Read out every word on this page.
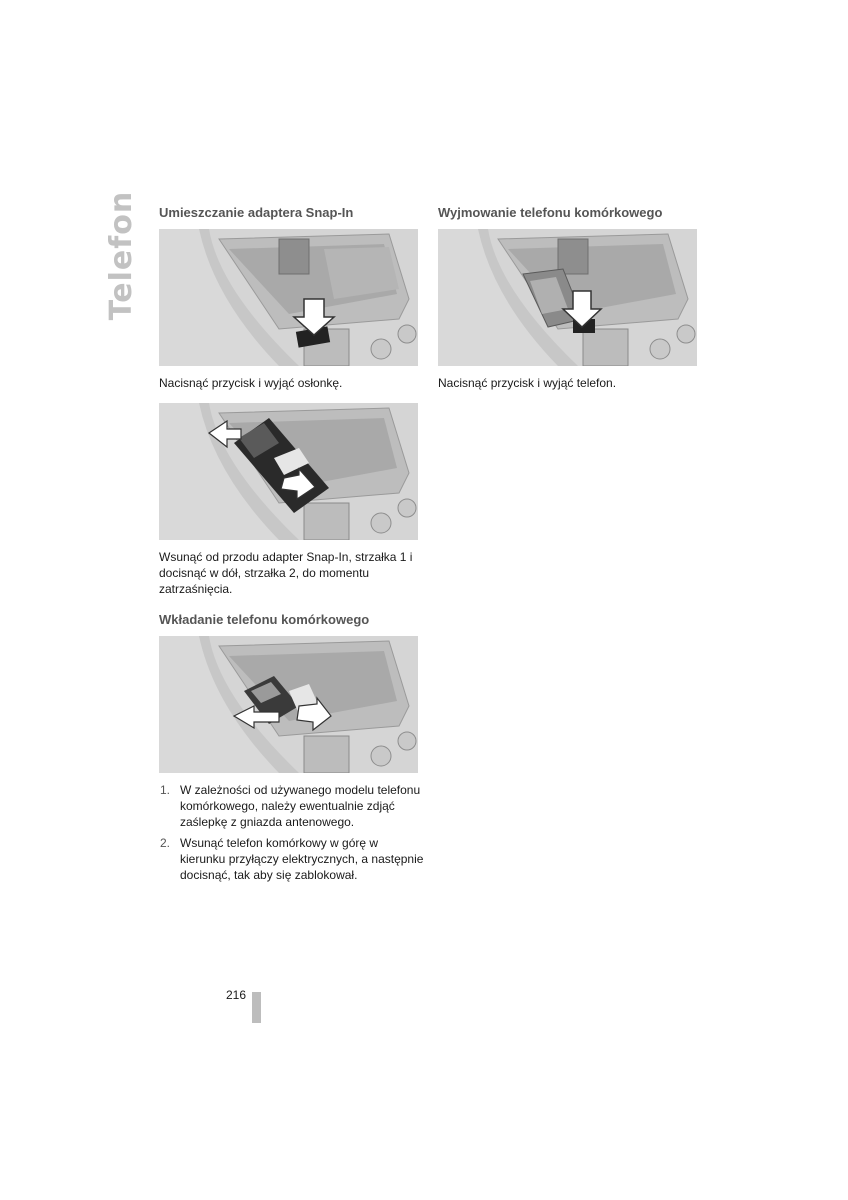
Telefon Umieszczanie adaptera Snap-In

Nacisnąć przycisk i wyjąć osłonkę.

Wsunąć od przodu adapter Snap-In, strzałka 1 i docisnąć w dół, strzałka 2, do momentu zatrzaśnięcia.

Wkładanie telefonu komórkowego
1. W zależności od używanego modelu telefonu komórkowego, należy ewentualnie zdjąć zaślepkę z gniazda antenowego.
2. Wsunąć telefon komórkowy w górę w kierunku przyłączy elektrycznych, a następnie docisnąć, tak aby się zablokował.
Wyjmowanie telefonu komórkowego

Nacisnąć przycisk i wyjąć telefon.

216
